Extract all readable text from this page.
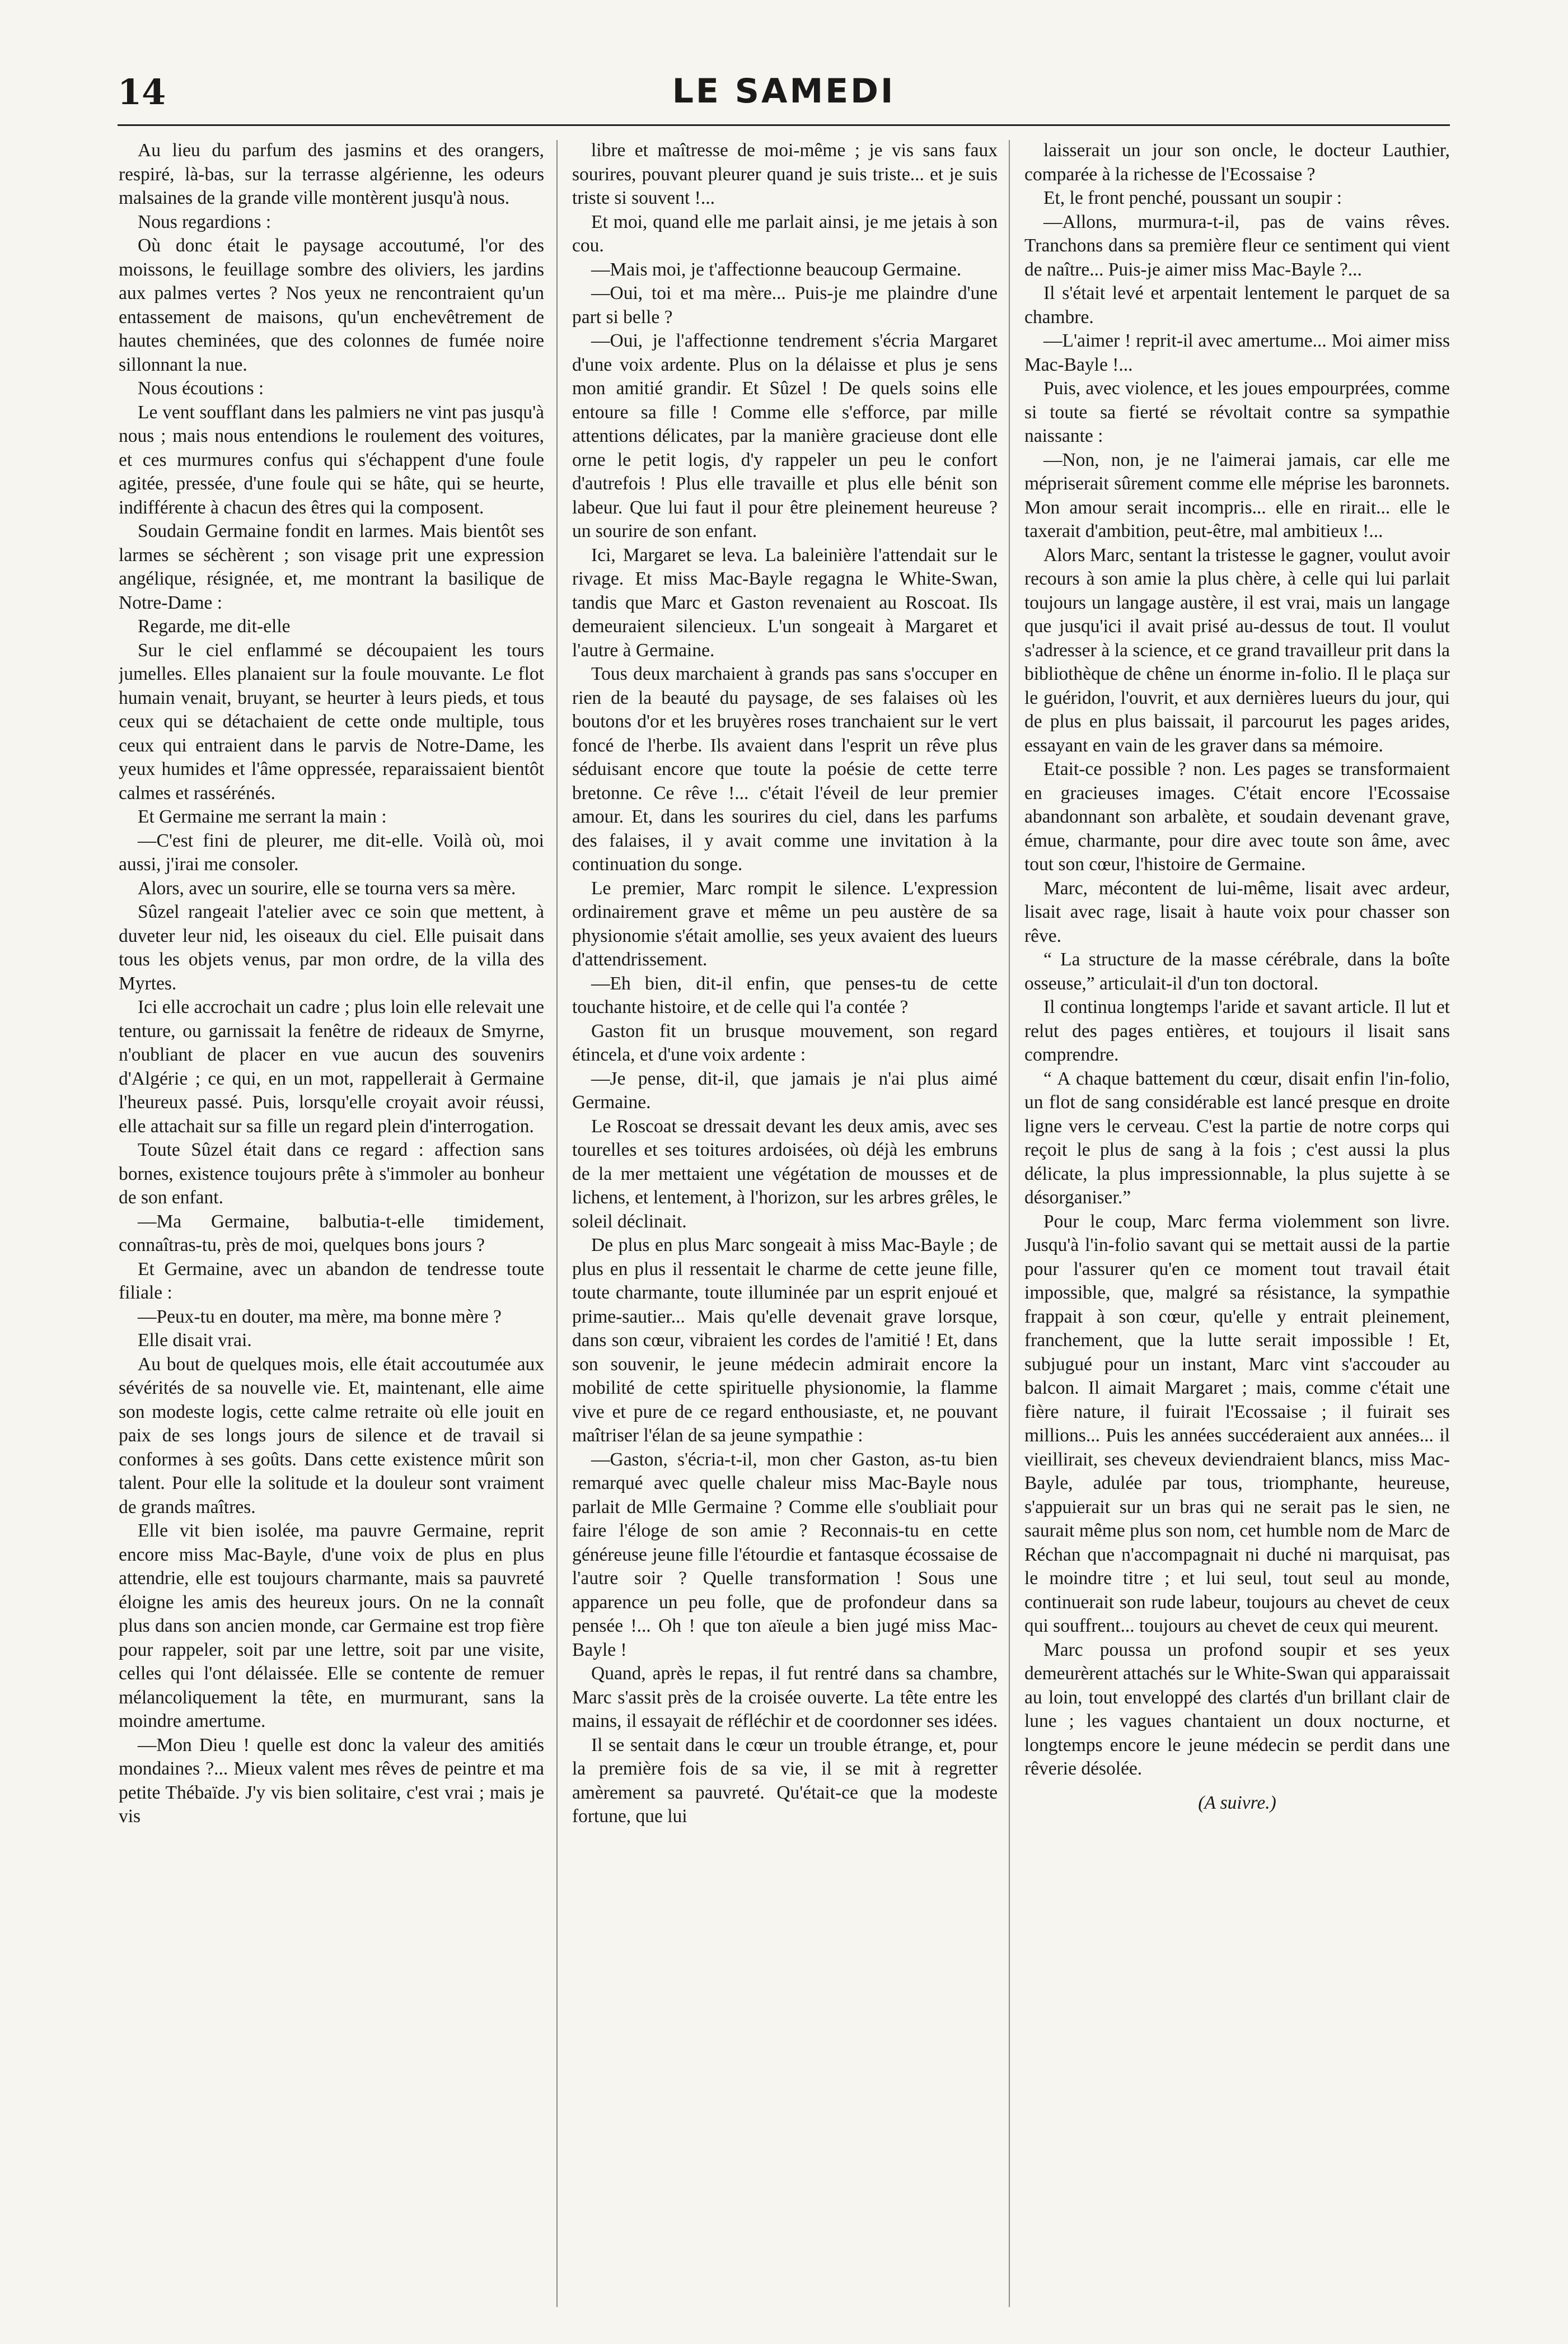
14	LE SAMEDI

Au lieu du parfum des jasmins et des orangers, respiré, là-bas, sur la terrasse algérienne, les odeurs malsaines de la grande ville montèrent jusqu'à nous.

Nous regardions :

Où donc était le paysage accoutumé, l'or des moissons, le feuillage sombre des oliviers, les jardins aux palmes vertes ? Nos yeux ne rencontraient qu'un entassement de maisons, qu'un enchevêtrement de hautes cheminées, que des colonnes de fumée noire sillonnant la nue.

Nous écoutions :

Le vent soufflant dans les palmiers ne vint pas jusqu'à nous ; mais nous entendions le roulement des voitures, et ces murmures confus qui s'échappent d'une foule agitée, pressée, d'une foule qui se hâte, qui se heurte, indifférente à chacun des êtres qui la composent.

Soudain Germaine fondit en larmes. Mais bientôt ses larmes se séchèrent ; son visage prit une expression angélique, résignée, et, me montrant la basilique de Notre-Dame :

Regarde, me dit-elle

Sur le ciel enflammé se découpaient les tours jumelles. Elles planaient sur la foule mouvante. Le flot humain venait, bruyant, se heurter à leurs pieds, et tous ceux qui se détachaient de cette onde multiple, tous ceux qui entraient dans le parvis de Notre-Dame, les yeux humides et l'âme oppressée, reparaissaient bientôt calmes et rassérénés.

Et Germaine me serrant la main :

—C'est fini de pleurer, me dit-elle. Voilà où, moi aussi, j'irai me consoler.

Alors, avec un sourire, elle se tourna vers sa mère.

Sûzel rangeait l'atelier avec ce soin que mettent, à duveter leur nid, les oiseaux du ciel. Elle puisait dans tous les objets venus, par mon ordre, de la villa des Myrtes.

Ici elle accrochait un cadre ; plus loin elle relevait une tenture, ou garnissait la fenêtre de rideaux de Smyrne, n'oubliant de placer en vue aucun des souvenirs d'Algérie ; ce qui, en un mot, rappellerait à Germaine l'heureux passé. Puis, lorsqu'elle croyait avoir réussi, elle attachait sur sa fille un regard plein d'interrogation.

Toute Sûzel était dans ce regard : affection sans bornes, existence toujours prête à s'immoler au bonheur de son enfant.

—Ma Germaine, balbutia-t-elle timidement, connaîtras-tu, près de moi, quelques bons jours ?

Et Germaine, avec un abandon de tendresse toute filiale :

—Peux-tu en douter, ma mère, ma bonne mère ?

Elle disait vrai.

Au bout de quelques mois, elle était accoutumée aux sévérités de sa nouvelle vie. Et, maintenant, elle aime son modeste logis, cette calme retraite où elle jouit en paix de ses longs jours de silence et de travail si conformes à ses goûts. Dans cette existence mûrit son talent. Pour elle la solitude et la douleur sont vraiment de grands maîtres.

Elle vit bien isolée, ma pauvre Germaine, reprit encore miss Mac-Bayle, d'une voix de plus en plus attendrie, elle est toujours charmante, mais sa pauvreté éloigne les amis des heureux jours. On ne la connaît plus dans son ancien monde, car Germaine est trop fière pour rappeler, soit par une lettre, soit par une visite, celles qui l'ont délaissée. Elle se contente de remuer mélancoliquement la tête, en murmurant, sans la moindre amertume.

—Mon Dieu ! quelle est donc la valeur des amitiés mondaines ?... Mieux valent mes rêves de peintre et ma petite Thébaïde. J'y vis bien solitaire, c'est vrai ; mais je vis

libre et maîtresse de moi-même ; je vis sans faux sourires, pouvant pleurer quand je suis triste... et je suis triste si souvent !...

Et moi, quand elle me parlait ainsi, je me jetais à son cou.

—Mais moi, je t'affectionne beaucoup Germaine.

—Oui, toi et ma mère... Puis-je me plaindre d'une part si belle ?

—Oui, je l'affectionne tendrement s'écria Margaret d'une voix ardente. Plus on la délaisse et plus je sens mon amitié grandir. Et Sûzel ! De quels soins elle entoure sa fille ! Comme elle s'efforce, par mille attentions délicates, par la manière gracieuse dont elle orne le petit logis, d'y rappeler un peu le confort d'autrefois ! Plus elle travaille et plus elle bénit son labeur. Que lui faut il pour être pleinement heureuse ? un sourire de son enfant.

Ici, Margaret se leva. La baleinière l'attendait sur le rivage. Et miss Mac-Bayle regagna le White-Swan, tandis que Marc et Gaston revenaient au Roscoat. Ils demeuraient silencieux. L'un songeait à Margaret et l'autre à Germaine.

Tous deux marchaient à grands pas sans s'occuper en rien de la beauté du paysage, de ses falaises où les boutons d'or et les bruyères roses tranchaient sur le vert foncé de l'herbe. Ils avaient dans l'esprit un rêve plus séduisant encore que toute la poésie de cette terre bretonne. Ce rêve !... c'était l'éveil de leur premier amour. Et, dans les sourires du ciel, dans les parfums des falaises, il y avait comme une invitation à la continuation du songe.

Le premier, Marc rompit le silence. L'expression ordinairement grave et même un peu austère de sa physionomie s'était amollie, ses yeux avaient des lueurs d'attendrissement.

—Eh bien, dit-il enfin, que penses-tu de cette touchante histoire, et de celle qui l'a contée ?

Gaston fit un brusque mouvement, son regard étincela, et d'une voix ardente :

—Je pense, dit-il, que jamais je n'ai plus aimé Germaine.

Le Roscoat se dressait devant les deux amis, avec ses tourelles et ses toitures ardoisées, où déjà les embruns de la mer mettaient une végétation de mousses et de lichens, et lentement, à l'horizon, sur les arbres grêles, le soleil déclinait.

De plus en plus Marc songeait à miss Mac-Bayle ; de plus en plus il ressentait le charme de cette jeune fille, toute charmante, toute illuminée par un esprit enjoué et prime-sautier... Mais qu'elle devenait grave lorsque, dans son cœur, vibraient les cordes de l'amitié ! Et, dans son souvenir, le jeune médecin admirait encore la mobilité de cette spirituelle physionomie, la flamme vive et pure de ce regard enthousiaste, et, ne pouvant maîtriser l'élan de sa jeune sympathie :

—Gaston, s'écria-t-il, mon cher Gaston, as-tu bien remarqué avec quelle chaleur miss Mac-Bayle nous parlait de Mlle Germaine ? Comme elle s'oubliait pour faire l'éloge de son amie ? Reconnais-tu en cette généreuse jeune fille l'étourdie et fantasque écossaise de l'autre soir ? Quelle transformation ! Sous une apparence un peu folle, que de profondeur dans sa pensée !... Oh ! que ton aïeule a bien jugé miss Mac-Bayle !

Quand, après le repas, il fut rentré dans sa chambre, Marc s'assit près de la croisée ouverte. La tête entre les mains, il essayait de réfléchir et de coordonner ses idées.

Il se sentait dans le cœur un trouble étrange, et, pour la première fois de sa vie, il se mit à regretter amèrement sa pauvreté. Qu'était-ce que la modeste fortune, que lui

laisserait un jour son oncle, le docteur Lauthier, comparée à la richesse de l'Ecossaise ?

Et, le front penché, poussant un soupir :

—Allons, murmura-t-il, pas de vains rêves. Tranchons dans sa première fleur ce sentiment qui vient de naître... Puis-je aimer miss Mac-Bayle ?...

Il s'était levé et arpentait lentement le parquet de sa chambre.

—L'aimer ! reprit-il avec amertume... Moi aimer miss Mac-Bayle !...

Puis, avec violence, et les joues empourprées, comme si toute sa fierté se révoltait contre sa sympathie naissante :

—Non, non, je ne l'aimerai jamais, car elle me mépriserait sûrement comme elle méprise les baronnets. Mon amour serait incompris... elle en rirait... elle le taxerait d'ambition, peut-être, mal ambitieux !...

Alors Marc, sentant la tristesse le gagner, voulut avoir recours à son amie la plus chère, à celle qui lui parlait toujours un langage austère, il est vrai, mais un langage que jusqu'ici il avait prisé au-dessus de tout. Il voulut s'adresser à la science, et ce grand travailleur prit dans la bibliothèque de chêne un énorme in-folio. Il le plaça sur le guéridon, l'ouvrit, et aux dernières lueurs du jour, qui de plus en plus baissait, il parcourut les pages arides, essayant en vain de les graver dans sa mémoire.

Etait-ce possible ? non. Les pages se transformaient en gracieuses images. C'était encore l'Ecossaise abandonnant son arbalète, et soudain devenant grave, émue, charmante, pour dire avec toute son âme, avec tout son cœur, l'histoire de Germaine.

Marc, mécontent de lui-même, lisait avec ardeur, lisait avec rage, lisait à haute voix pour chasser son rêve.

“ La structure de la masse cérébrale, dans la boîte osseuse,” articulait-il d'un ton doctoral.

Il continua longtemps l'aride et savant article. Il lut et relut des pages entières, et toujours il lisait sans comprendre.

“ A chaque battement du cœur, disait enfin l'in-folio, un flot de sang considérable est lancé presque en droite ligne vers le cerveau. C'est la partie de notre corps qui reçoit le plus de sang à la fois ; c'est aussi la plus délicate, la plus impressionnable, la plus sujette à se désorganiser.”

Pour le coup, Marc ferma violemment son livre. Jusqu'à l'in-folio savant qui se mettait aussi de la partie pour l'assurer qu'en ce moment tout travail était impossible, que, malgré sa résistance, la sympathie frappait à son cœur, qu'elle y entrait pleinement, franchement, que la lutte serait impossible ! Et, subjugué pour un instant, Marc vint s'accouder au balcon. Il aimait Margaret ; mais, comme c'était une fière nature, il fuirait l'Ecossaise ; il fuirait ses millions... Puis les années succéderaient aux années... il vieillirait, ses cheveux deviendraient blancs, miss Mac-Bayle, adulée par tous, triomphante, heureuse, s'appuierait sur un bras qui ne serait pas le sien, ne saurait même plus son nom, cet humble nom de Marc de Réchan que n'accompagnait ni duché ni marquisat, pas le moindre titre ; et lui seul, tout seul au monde, continuerait son rude labeur, toujours au chevet de ceux qui souffrent... toujours au chevet de ceux qui meurent.

Marc poussa un profond soupir et ses yeux demeurèrent attachés sur le White-Swan qui apparaissait au loin, tout enveloppé des clartés d'un brillant clair de lune ; les vagues chantaient un doux nocturne, et longtemps encore le jeune médecin se perdit dans une rêverie désolée.

(A suivre.)
